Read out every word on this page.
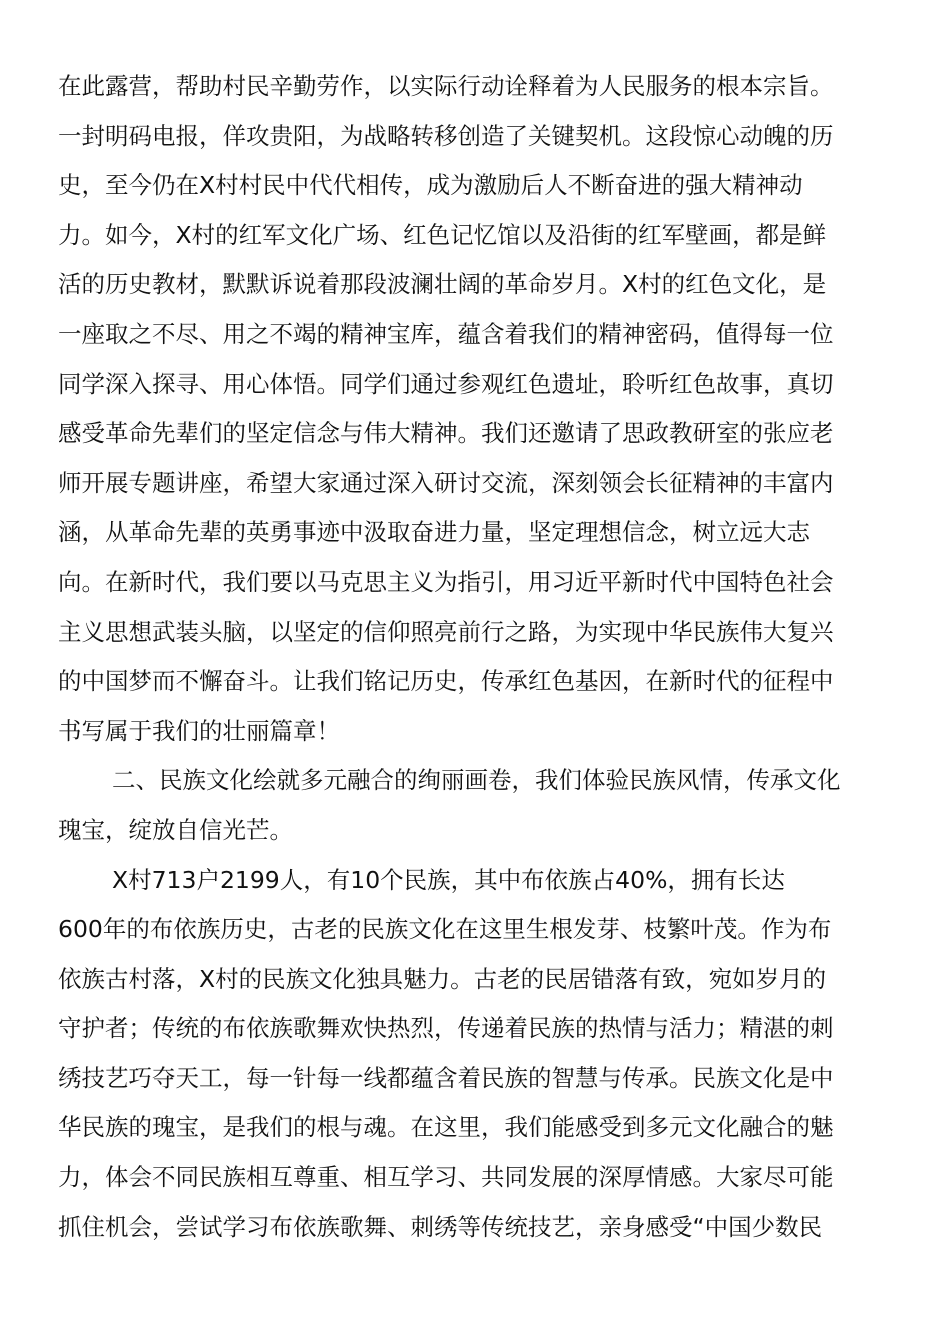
在此露营，帮助村民辛勤劳作，以实际行动诠释着为人民服务的根本宗旨。
一封明码电报，佯攻贵阳，为战略转移创造了关键契机。这段惊心动魄的历
史，至今仍在X村村民中代代相传，成为激励后人不断奋进的强大精神动
力。如今，X村的红军文化广场、红色记忆馆以及沿街的红军壁画，都是鲜
活的历史教材，默默诉说着那段波澜壮阔的革命岁月。X村的红色文化，是
一座取之不尽、用之不竭的精神宝库，蕴含着我们的精神密码，值得每一位
同学深入探寻、用心体悟。同学们通过参观红色遗址，聆听红色故事，真切
感受革命先辈们的坚定信念与伟大精神。我们还邀请了思政教研室的张应老
师开展专题讲座，希望大家通过深入研讨交流，深刻领会长征精神的丰富内
涵，从革命先辈的英勇事迹中汲取奋进力量，坚定理想信念，树立远大志
向。在新时代，我们要以马克思主义为指引，用习近平新时代中国特色社会
主义思想武装头脑，以坚定的信仰照亮前行之路，为实现中华民族伟大复兴
的中国梦而不懈奋斗。让我们铭记历史，传承红色基因，在新时代的征程中
书写属于我们的壮丽篇章！
二、民族文化绘就多元融合的绚丽画卷，我们体验民族风情，传承文化
瑰宝，绽放自信光芒。
X村713户2199人，有10个民族，其中布依族占40%，拥有长达
600年的布依族历史，古老的民族文化在这里生根发芽、枝繁叶茂。作为布
依族古村落，X村的民族文化独具魅力。古老的民居错落有致，宛如岁月的
守护者；传统的布依族歌舞欢快热烈，传递着民族的热情与活力；精湛的刺
绣技艺巧夺天工，每一针每一线都蕴含着民族的智慧与传承。民族文化是中
华民族的瑰宝，是我们的根与魂。在这里，我们能感受到多元文化融合的魅
力，体会不同民族相互尊重、相互学习、共同发展的深厚情感。大家尽可能
抓住机会，尝试学习布依族歌舞、刺绣等传统技艺，亲身感受“中国少数民
